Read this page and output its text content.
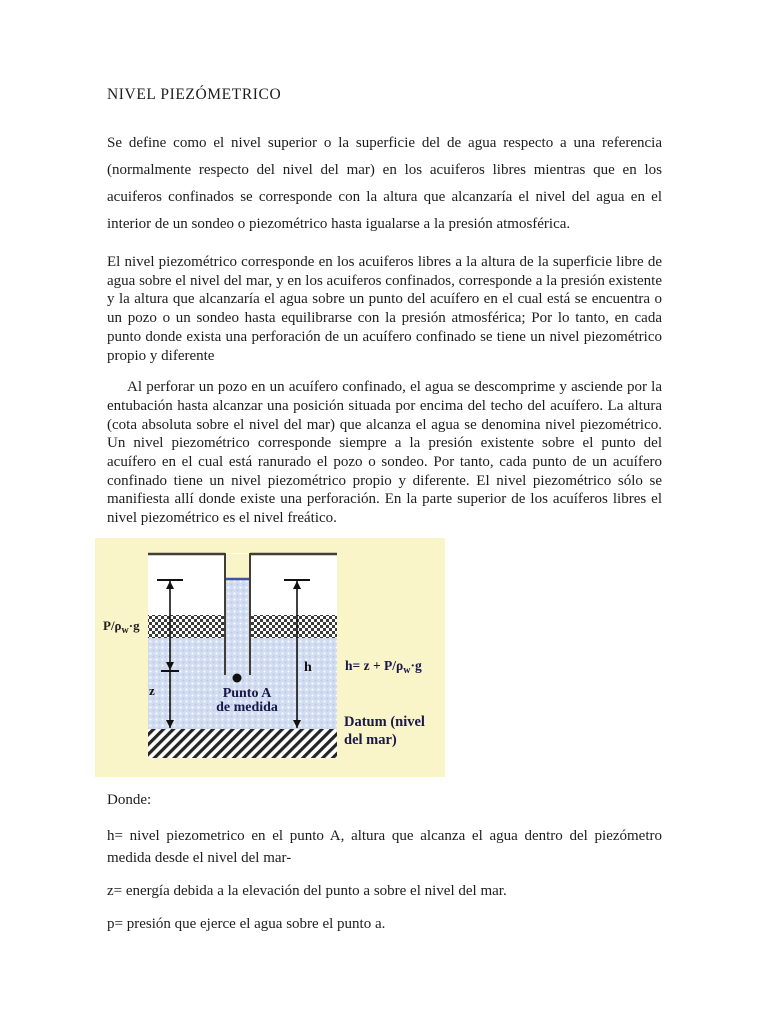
NIVEL PIEZÓMETRICO

Se define como el nivel superior o la superficie del de agua respecto a una referencia (normalmente respecto del nivel del mar) en los acuiferos libres mientras que en los acuiferos confinados se corresponde con la altura que alcanzaría el nivel del agua en el interior de un sondeo o piezométrico hasta igualarse a la presión atmosférica.

El nivel piezométrico corresponde en los acuiferos libres a la altura de la superficie libre de agua sobre el nivel del mar, y en los acuiferos confinados, corresponde a la presión existente y la altura que alcanzaría el agua sobre un punto del acuífero en el cual está se encuentra o un pozo o un sondeo hasta equilibrarse con la presión atmosférica; Por lo tanto, en cada punto donde exista una perforación de un acuífero confinado se tiene un nivel piezométrico propio y diferente

Al perforar un pozo en un acuífero confinado, el agua se descomprime y asciende por la entubación hasta alcanzar una posición situada por encima del techo del acuífero. La altura (cota absoluta sobre el nivel del mar) que alcanza el agua se denomina nivel piezométrico. Un nivel piezométrico corresponde siempre a la presión existente sobre el punto del acuífero en el cual está ranurado el pozo o sondeo. Por tanto, cada punto de un acuífero confinado tiene un nivel piezométrico propio y diferente. El nivel piezométrico sólo se manifiesta allí donde existe una perforación. En la parte superior de los acuíferos libres el nivel piezométrico es el nivel freático.

$P/\rho_w\cdot g$
z
h
Punto A
de medida
$h= z + P/\rho_w\cdot g$
Datum (nivel
del mar)

Donde:

h= nivel piezometrico en el punto A, altura que alcanza el agua dentro del piezómetro medida desde el nivel del mar-

z= energía debida a la elevación del punto a sobre el nivel del mar.

p= presión que ejerce el agua sobre el punto a.
